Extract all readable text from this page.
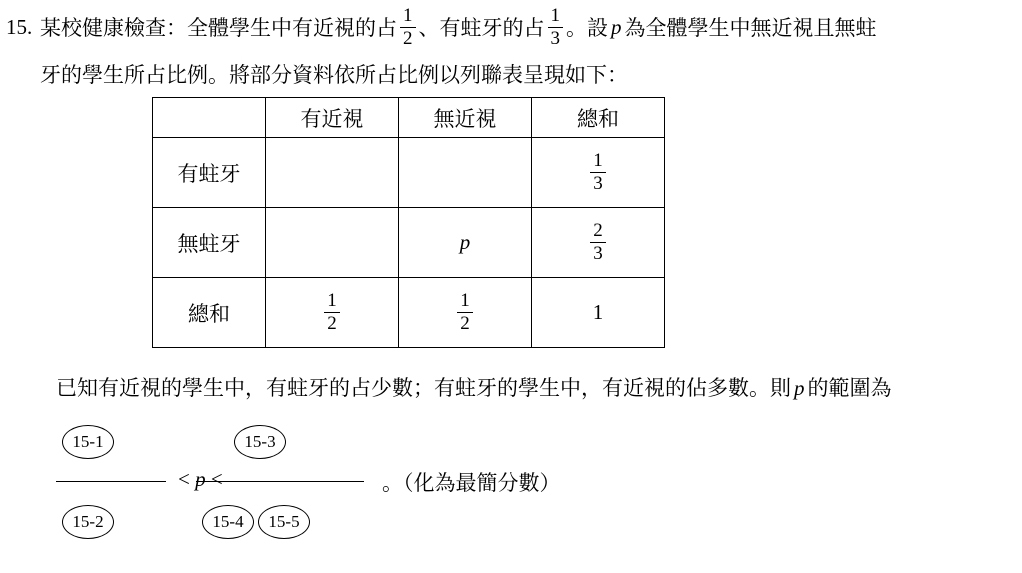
15. 某校健康檢查：全體學生中有近視的占 $\frac{1}{2}$ 、有蛀牙的占 $\frac{1}{3}$ 。設 p 為全體學生中無近視且無蛀
牙的學生所占比例。將部分資料依所占比例以列聯表呈現如下：
	有近視	無近視	總和
有蛀牙			$\frac{1}{3}$

無蛀牙		p	$\frac{2}{3}$

總和	$\frac{1}{2}$	$\frac{1}{2}$	1
已知有近視的學生中，有蛀牙的占少數；有蛀牙的學生中，有近視的佔多數。則 p 的範圍為
15-1
15-2
< p <
15-3
15-4	15-5
。（化為最簡分數）
